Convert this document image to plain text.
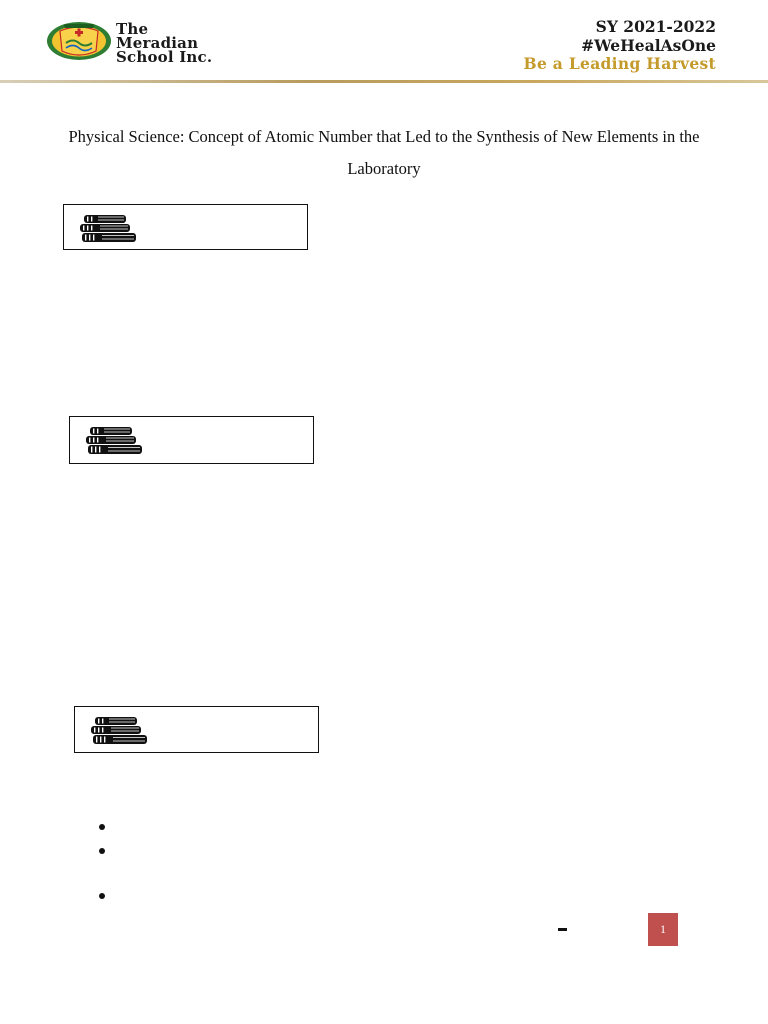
The
Meradian
School Inc.
SY 2021-2022
#WeHealAsOne
Be a Leading Harvest
Physical Science: Concept of Atomic Number that Led to the Synthesis of New Elements in the Laboratory
1
